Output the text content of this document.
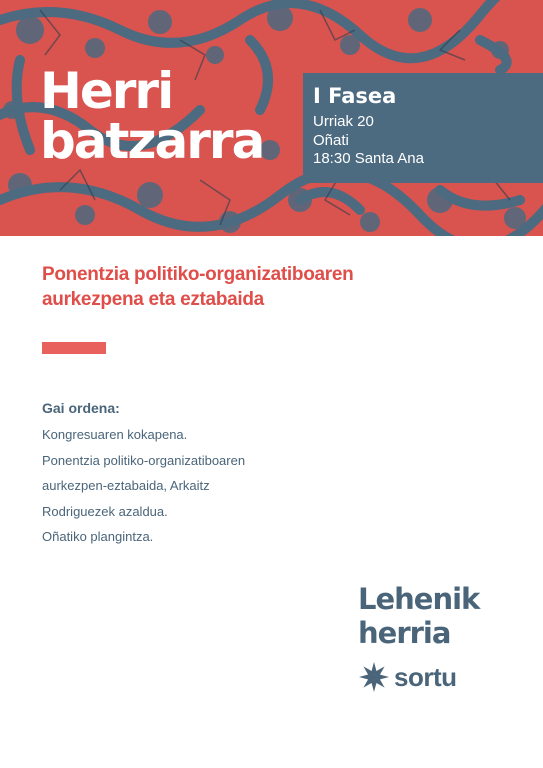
Herri
batzarra
I Fasea
Urriak 20
Oñati
18:30 Santa Ana
Ponentzia politiko-organizatiboaren
aurkezpena eta eztabaida
Gai ordena:
Kongresuaren kokapena.
Ponentzia politiko-organizatiboaren
aurkezpen-eztabaida, Arkaitz
Rodriguezek azaldua.
Oñatiko plangintza.
Lehenik
herria
sortu
